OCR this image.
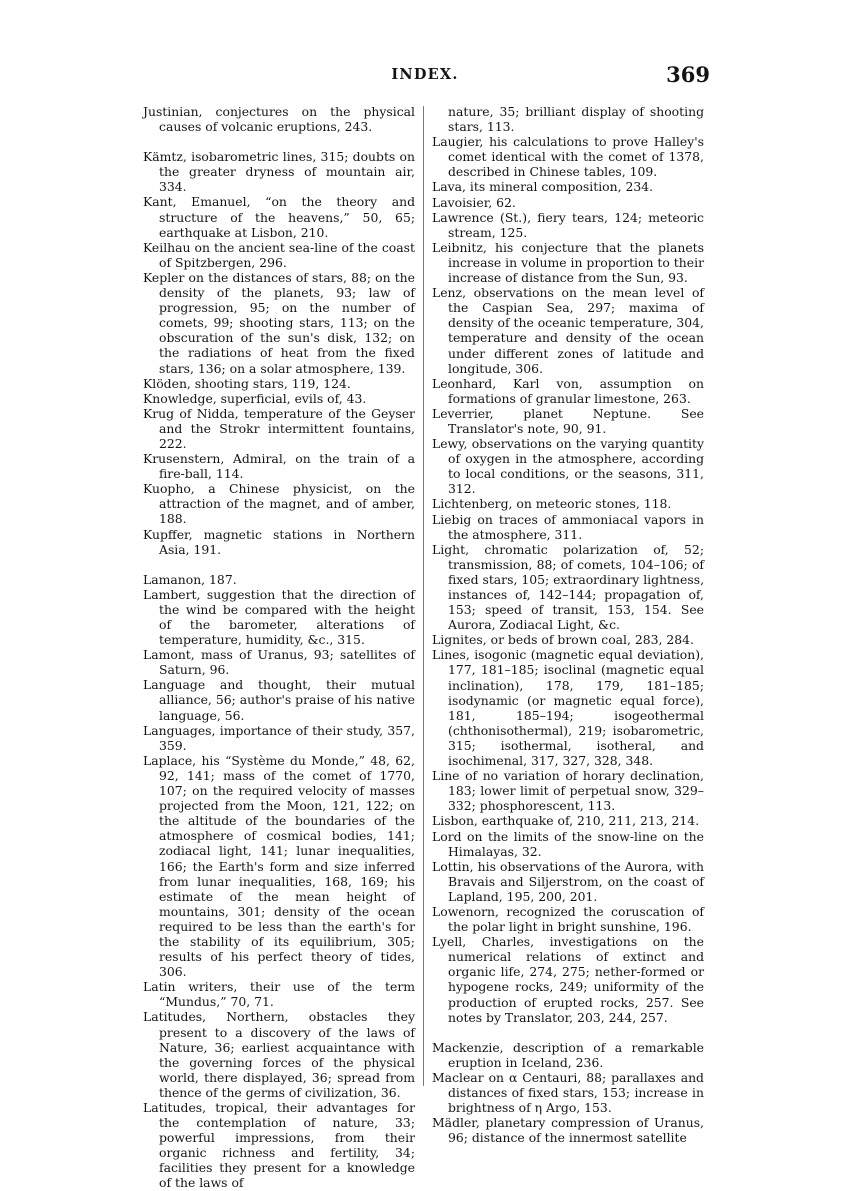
INDEX.	369

Justinian, conjectures on the physical causes of volcanic eruptions, 243.

Kämtz, isobarometric lines, 315; doubts on the greater dryness of mountain air, 334.

Kant, Emanuel, “on the theory and structure of the heavens,” 50, 65; earthquake at Lisbon, 210.

Keilhau on the ancient sea-line of the coast of Spitzbergen, 296.

Kepler on the distances of stars, 88; on the density of the planets, 93; law of progression, 95; on the number of comets, 99; shooting stars, 113; on the obscuration of the sun's disk, 132; on the radiations of heat from the fixed stars, 136; on a solar atmosphere, 139.

Klöden, shooting stars, 119, 124.

Knowledge, superficial, evils of, 43.

Krug of Nidda, temperature of the Geyser and the Strokr intermittent fountains, 222.

Krusenstern, Admiral, on the train of a fire-ball, 114.

Kuopho, a Chinese physicist, on the attraction of the magnet, and of amber, 188.

Kupffer, magnetic stations in Northern Asia, 191.

Lamanon, 187.

Lambert, suggestion that the direction of the wind be compared with the height of the barometer, alterations of temperature, humidity, &c., 315.

Lamont, mass of Uranus, 93; satellites of Saturn, 96.

Language and thought, their mutual alliance, 56; author's praise of his native language, 56.

Languages, importance of their study, 357, 359.

Laplace, his “Système du Monde,” 48, 62, 92, 141; mass of the comet of 1770, 107; on the required velocity of masses projected from the Moon, 121, 122; on the altitude of the boundaries of the atmosphere of cosmical bodies, 141; zodiacal light, 141; lunar inequalities, 166; the Earth's form and size inferred from lunar inequalities, 168, 169; his estimate of the mean height of mountains, 301; density of the ocean required to be less than the earth's for the stability of its equilibrium, 305; results of his perfect theory of tides, 306.

Latin writers, their use of the term “Mundus,” 70, 71.

Latitudes, Northern, obstacles they present to a discovery of the laws of Nature, 36; earliest acquaintance with the governing forces of the physical world, there displayed, 36; spread from thence of the germs of civilization, 36.

Latitudes, tropical, their advantages for the contemplation of nature, 33; powerful impressions, from their organic richness and fertility, 34; facilities they present for a knowledge of the laws of

nature, 35; brilliant display of shooting stars, 113.

Laugier, his calculations to prove Halley's comet identical with the comet of 1378, described in Chinese tables, 109.

Lava, its mineral composition, 234.

Lavoisier, 62.

Lawrence (St.), fiery tears, 124; meteoric stream, 125.

Leibnitz, his conjecture that the planets increase in volume in proportion to their increase of distance from the Sun, 93.

Lenz, observations on the mean level of the Caspian Sea, 297; maxima of density of the oceanic temperature, 304, temperature and density of the ocean under different zones of latitude and longitude, 306.

Leonhard, Karl von, assumption on formations of granular limestone, 263.

Leverrier, planet Neptune. See Translator's note, 90, 91.

Lewy, observations on the varying quantity of oxygen in the atmosphere, according to local conditions, or the seasons, 311, 312.

Lichtenberg, on meteoric stones, 118.

Liebig on traces of ammoniacal vapors in the atmosphere, 311.

Light, chromatic polarization of, 52; transmission, 88; of comets, 104–106; of fixed stars, 105; extraordinary lightness, instances of, 142–144; propagation of, 153; speed of transit, 153, 154. See Aurora, Zodiacal Light, &c.

Lignites, or beds of brown coal, 283, 284.

Lines, isogonic (magnetic equal deviation), 177, 181–185; isoclinal (magnetic equal inclination), 178, 179, 181–185; isodynamic (or magnetic equal force), 181, 185–194; isogeothermal (chthonisothermal), 219; isobarometric, 315; isothermal, isotheral, and isochimenal, 317, 327, 328, 348.

Line of no variation of horary declination, 183; lower limit of perpetual snow, 329–332; phosphorescent, 113.

Lisbon, earthquake of, 210, 211, 213, 214.

Lord on the limits of the snow-line on the Himalayas, 32.

Lottin, his observations of the Aurora, with Bravais and Siljerstrom, on the coast of Lapland, 195, 200, 201.

Lowenorn, recognized the coruscation of the polar light in bright sunshine, 196.

Lyell, Charles, investigations on the numerical relations of extinct and organic life, 274, 275; nether-formed or hypogene rocks, 249; uniformity of the production of erupted rocks, 257. See notes by Translator, 203, 244, 257.

Mackenzie, description of a remarkable eruption in Iceland, 236.

Maclear on α Centauri, 88; parallaxes and distances of fixed stars, 153; increase in brightness of η Argo, 153.

Mädler, planetary compression of Uranus, 96; distance of the innermost satellite
